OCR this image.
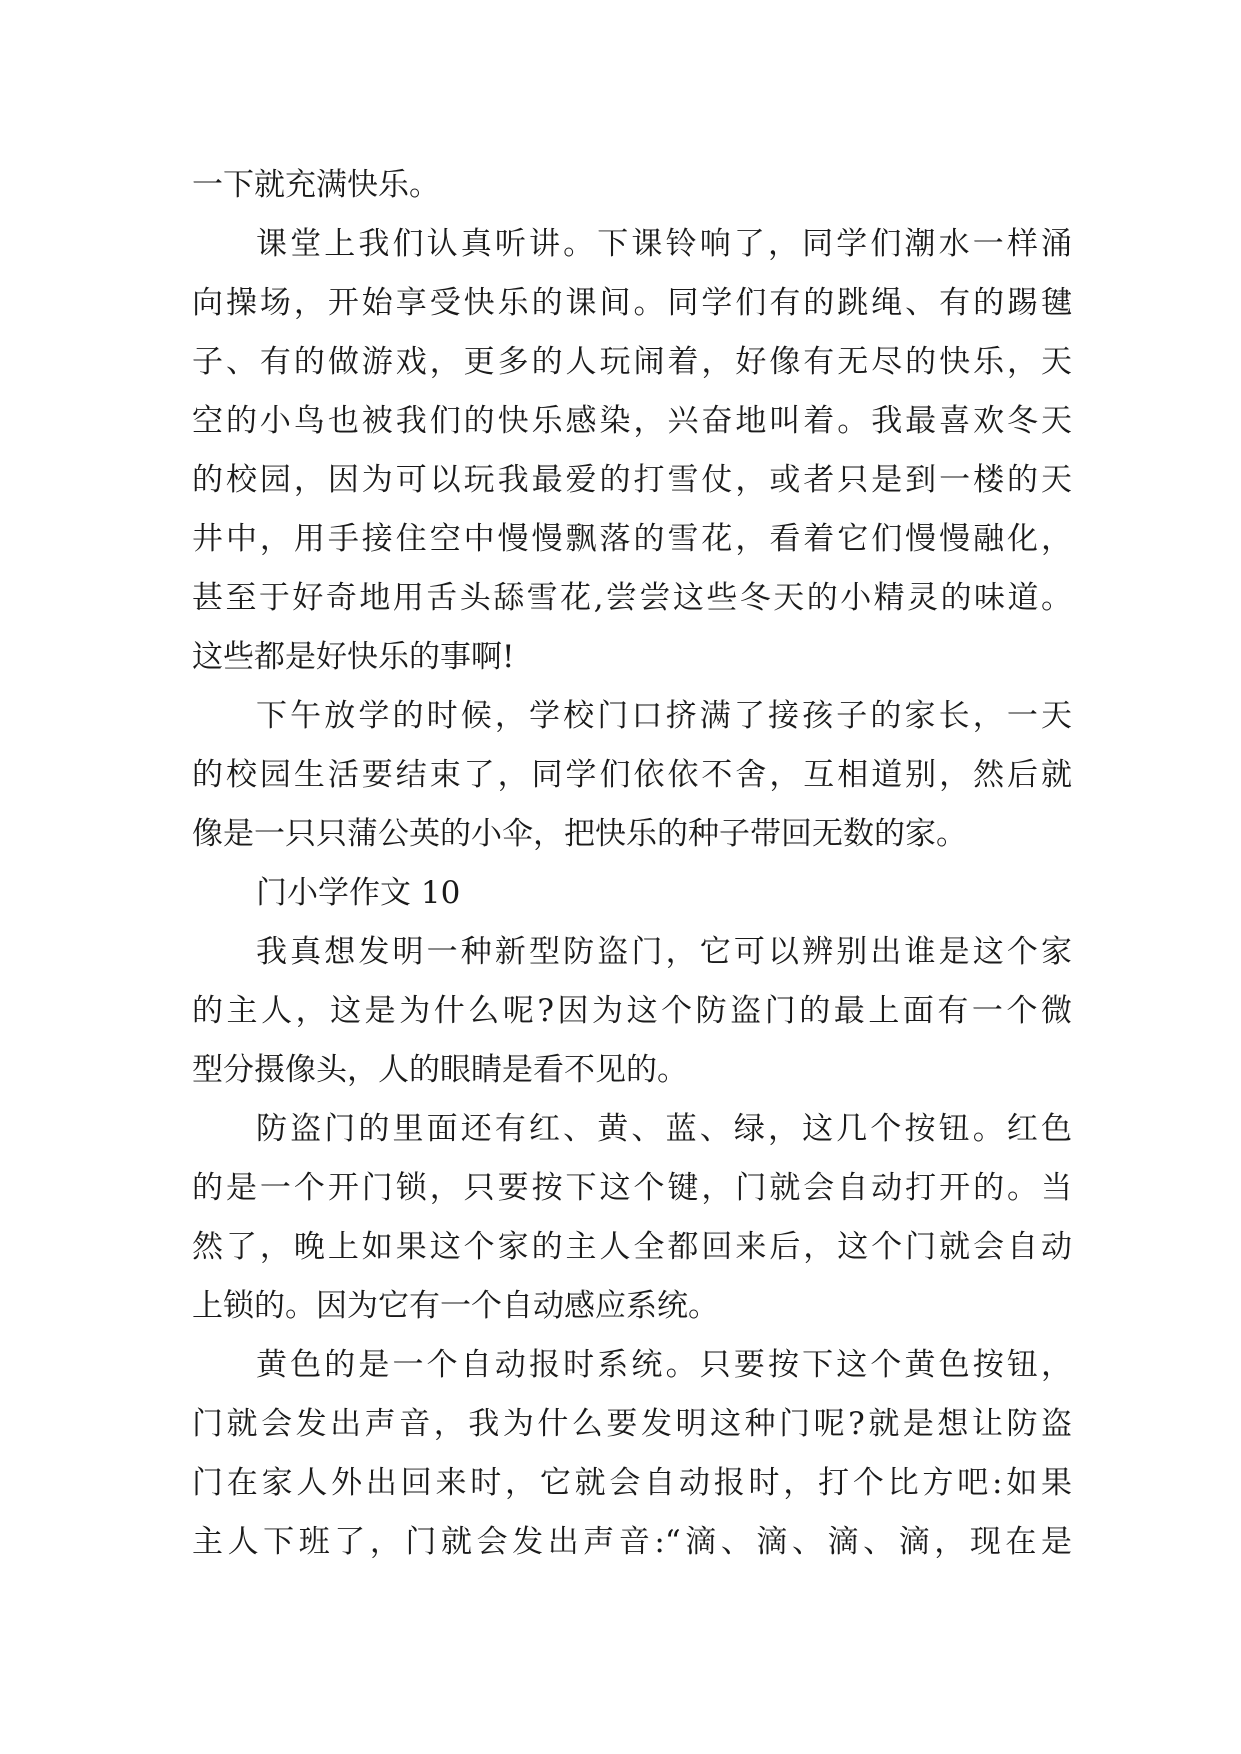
一下就充满快乐。
课堂上我们认真听讲。下课铃响了，同学们潮水一样涌
向操场，开始享受快乐的课间。同学们有的跳绳、有的踢毽
子、有的做游戏，更多的人玩闹着，好像有无尽的快乐，天
空的小鸟也被我们的快乐感染，兴奋地叫着。我最喜欢冬天
的校园，因为可以玩我最爱的打雪仗，或者只是到一楼的天
井中，用手接住空中慢慢飘落的雪花，看着它们慢慢融化，
甚至于好奇地用舌头舔雪花,尝尝这些冬天的小精灵的味道。
这些都是好快乐的事啊!
下午放学的时候，学校门口挤满了接孩子的家长，一天
的校园生活要结束了，同学们依依不舍，互相道别，然后就
像是一只只蒲公英的小伞，把快乐的种子带回无数的家。
门小学作文 10
我真想发明一种新型防盗门，它可以辨别出谁是这个家
的主人，这是为什么呢?因为这个防盗门的最上面有一个微
型分摄像头，人的眼睛是看不见的。
防盗门的里面还有红、黄、蓝、绿，这几个按钮。红色
的是一个开门锁，只要按下这个键，门就会自动打开的。当
然了，晚上如果这个家的主人全都回来后，这个门就会自动
上锁的。因为它有一个自动感应系统。
黄色的是一个自动报时系统。只要按下这个黄色按钮，
门就会发出声音，我为什么要发明这种门呢?就是想让防盗
门在家人外出回来时，它就会自动报时，打个比方吧:如果
主人下班了，门就会发出声音:“滴、滴、滴、滴，现在是
